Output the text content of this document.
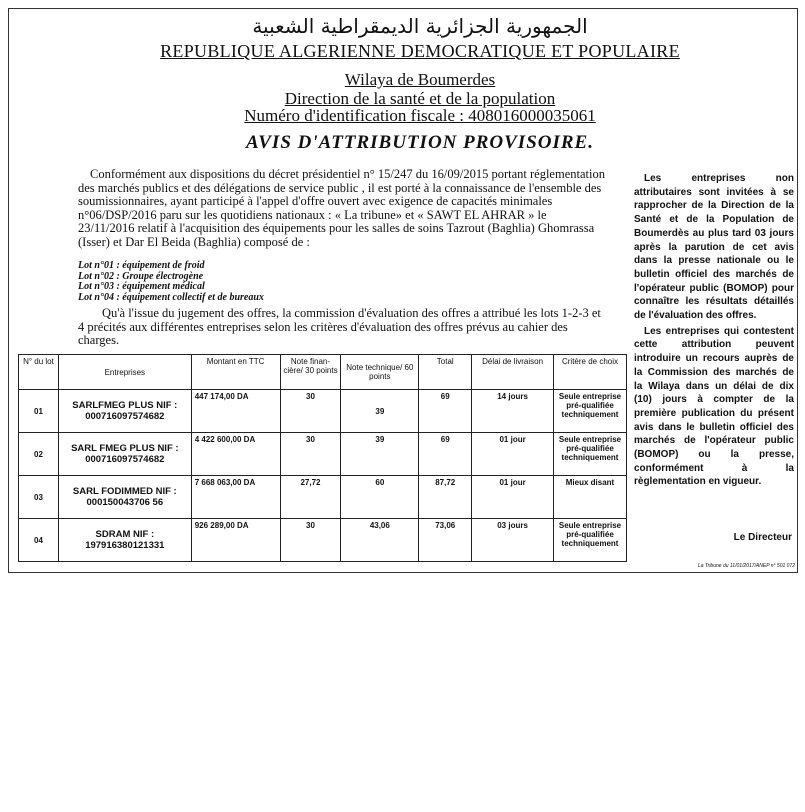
الجمهورية الجزائرية الديمقراطية الشعبية
REPUBLIQUE ALGERIENNE DEMOCRATIQUE ET POPULAIRE
Wilaya de Boumerdes
Direction de la santé et de la population
Numéro d'identification fiscale : 408016000035061
AVIS D'ATTRIBUTION PROVISOIRE.

Conformément aux dispositions du décret présidentiel n° 15/247 du 16/09/2015 portant réglementation des marchés publics et des délégations de service public , il est porté à la connaissance de l'ensemble des soumissionnaires, ayant participé à l'appel d'offre ouvert avec exigence de capacités minimales n°06/DSP/2016 paru sur les quotidiens nationaux : « La tribune» et « SAWT EL AHRAR » le 23/11/2016 relatif à l'acquisition des équipements pour les salles de soins Tazrout (Baghlia) Ghomrassa (Isser) et Dar El Beida (Baghlia) composé de :

Lot n°01 : équipement de froid
Lot n°02 : Groupe électrogène
Lot n°03 : équipement médical
Lot n°04 : équipement collectif et de bureaux

Qu'à l'issue du jugement des offres, la commission d'évaluation des offres a attribué les lots 1-2-3 et 4 précités aux différentes entreprises selon les critères d'évaluation des offres prévus au cahier des charges.

N° du lot	Entreprises	Montant en TTC	Note finan-cière/ 30 points	Note technique/ 60 points	Total	Délai de livraison	Critère de choix
01	SARLFMEG PLUS NIF : 000716097574682	447 174,00 DA	30	39	69	14 jours	Seule entreprise pré-qualifiée techniquement
02	SARL FMEG PLUS NIF : 000716097574682	4 422 600,00 DA	30	39	69	01 jour	Seule entreprise pré-qualifiée techniquement
03	SARL FODIMMED NIF : 000150043706 56	7 668 063,00 DA	27,72	60	87,72	01 jour	Mieux disant
04	SDRAM NIF : 197916380121331	926 289,00 DA	30	43,06	73,06	03 jours	Seule entreprise pré-qualifiée techniquement

Les entreprises non attributaires sont invitées à se rapprocher de la Direction de la Santé et de la Population de Boumerdès au plus tard 03 jours après la parution de cet avis dans la presse nationale ou le bulletin officiel des marchés de l'opérateur public (BOMOP) pour connaître les résultats détaillés de l'évaluation des offres.

Les entreprises qui contestent cette attribution peuvent introduire un recours auprès de la Commission des marchés de la Wilaya dans un délai de dix (10) jours à compter de la première publication du présent avis dans le bulletin officiel des marchés de l'opérateur public (BOMOP) ou la presse, conformément à la règlementation en vigueur.

Le Directeur
La Tribune du 11/01/2017/ANEP n° 501 072
